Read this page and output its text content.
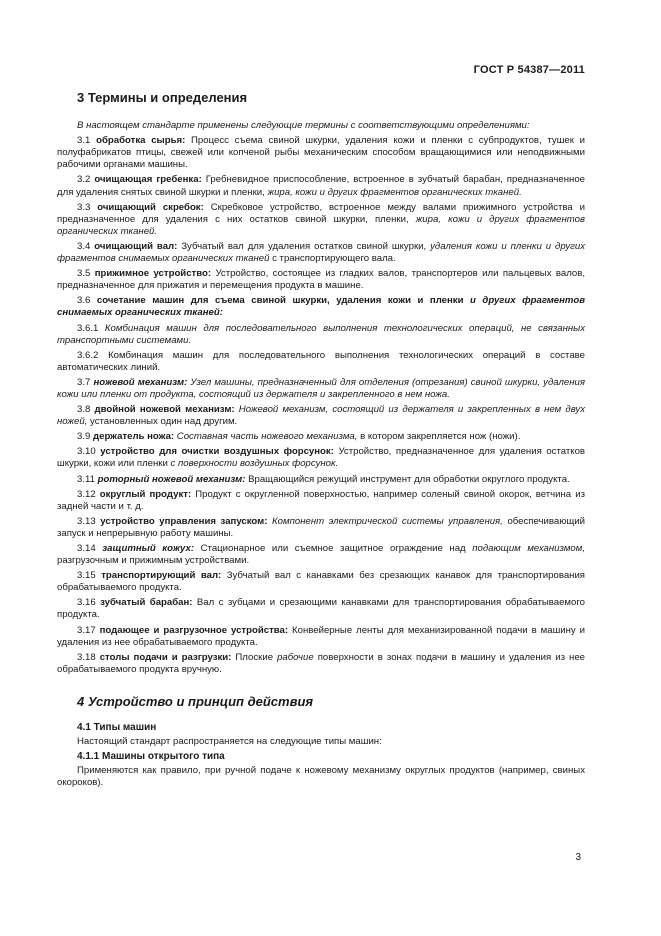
ГОСТ Р 54387—2011
3 Термины и определения

В настоящем стандарте применены следующие термины с соответствующими определениями:

3.1 обработка сырья: Процесс съема свиной шкурки, удаления кожи и пленки с субпродуктов, тушек и полуфабрикатов птицы, свежей или копченой рыбы механическим способом вращающимися или неподвижными рабочими органами машины.

3.2 очищающая гребенка: Гребневидное приспособление, встроенное в зубчатый барабан, предназначенное для удаления снятых свиной шкурки и пленки, жира, кожи и других фрагментов органических тканей.

3.3 очищающий скребок: Скребковое устройство, встроенное между валами прижимного устройства и предназначенное для удаления с них остатков свиной шкурки, пленки, жира, кожи и других фрагментов органических тканей.

3.4 очищающий вал: Зубчатый вал для удаления остатков свиной шкурки, удаления кожи и пленки и других фрагментов снимаемых органических тканей с транспортирующего вала.

3.5 прижимное устройство: Устройство, состоящее из гладких валов, транспортеров или пальцевых валов, предназначенное для прижатия и перемещения продукта в машине.

3.6 сочетание машин для съема свиной шкурки, удаления кожи и пленки и других фрагментов снимаемых органических тканей:

3.6.1 Комбинация машин для последовательного выполнения технологических операций, не связанных транспортными системами.

3.6.2 Комбинация машин для последовательного выполнения технологических операций в составе автоматических линий.

3.7 ножевой механизм: Узел машины, предназначенный для отделения (отрезания) свиной шкурки, удаления кожи или пленки от продукта, состоящий из держателя и закрепленного в нем ножа.

3.8 двойной ножевой механизм: Ножевой механизм, состоящий из держателя и закрепленных в нем двух ножей, установленных один над другим.

3.9 держатель ножа: Составная часть ножевого механизма, в котором закрепляется нож (ножи).

3.10 устройство для очистки воздушных форсунок: Устройство, предназначенное для удаления остатков шкурки, кожи или пленки с поверхности воздушных форсунок.

3.11 роторный ножевой механизм: Вращающийся режущий инструмент для обработки округлого продукта.

3.12 округлый продукт: Продукт с округленной поверхностью, например соленый свиной окорок, ветчина из задней части и т. д.

3.13 устройство управления запуском: Компонент электрической системы управления, обеспечивающий запуск и непрерывную работу машины.

3.14 защитный кожух: Стационарное или съемное защитное ограждение над подающим механизмом, разгрузочным и прижимным устройствами.

3.15 транспортирующий вал: Зубчатый вал с канавками без срезающих канавок для транспортирования обрабатываемого продукта.

3.16 зубчатый барабан: Вал с зубцами и срезающими канавками для транспортирования обрабатываемого продукта.

3.17 подающее и разгрузочное устройства: Конвейерные ленты для механизированной подачи в машину и удаления из нее обрабатываемого продукта.

3.18 столы подачи и разгрузки: Плоские рабочие поверхности в зонах подачи в машину и удаления из нее обрабатываемого продукта вручную.

4 Устройство и принцип действия
4.1 Типы машин

Настоящий стандарт распространяется на следующие типы машин:

4.1.1 Машины открытого типа

Применяются как правило, при ручной подаче к ножевому механизму округлых продуктов (например, свиных окороков).

3
